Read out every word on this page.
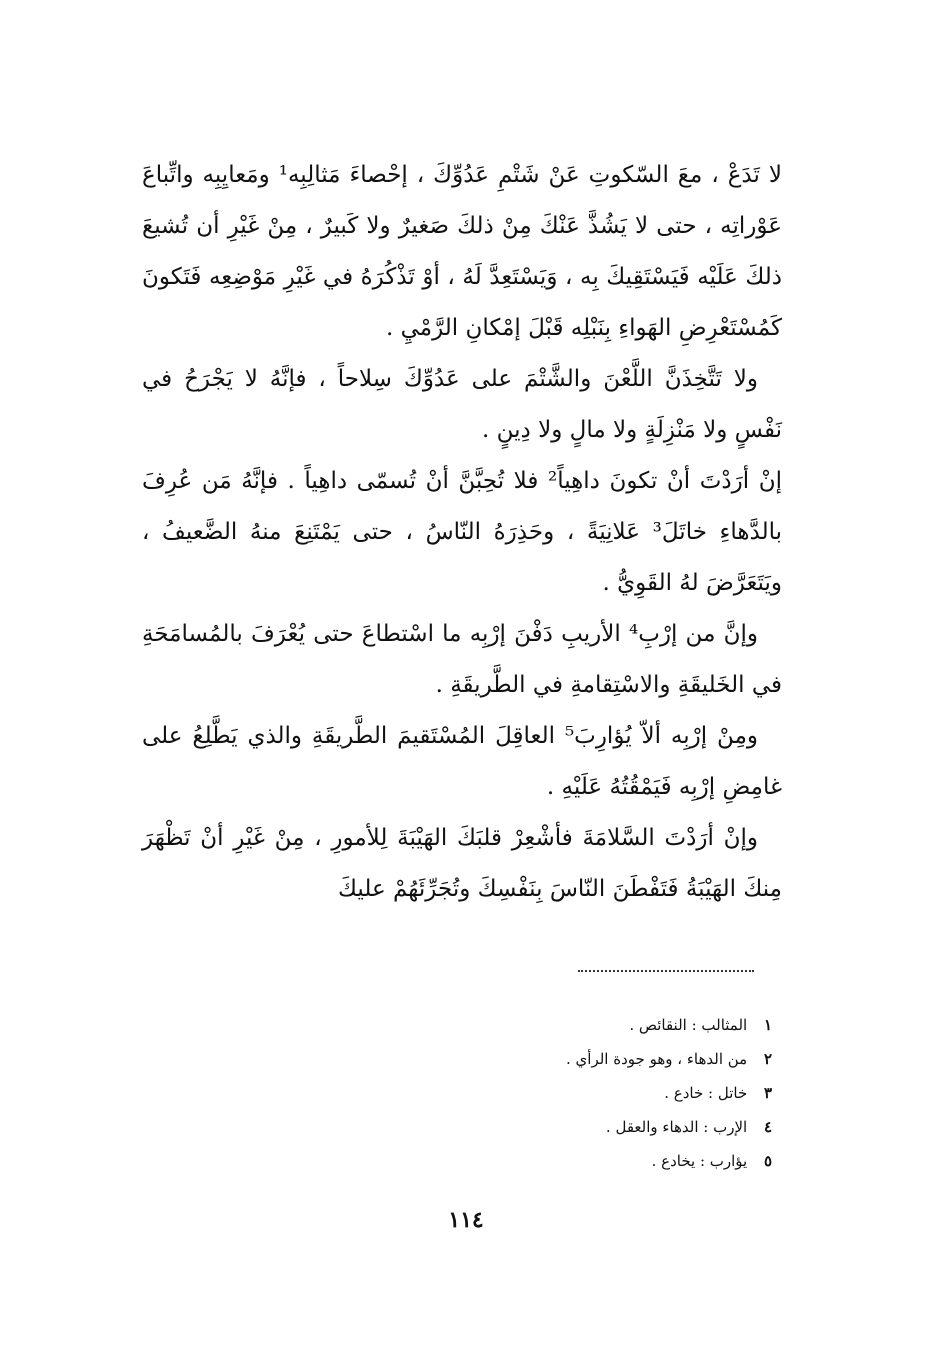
لا تَدَعْ ، معَ السّكوتِ عَنْ شَتْمِ عَدُوِّكَ ، إحْصاءَ مَثالِبِه¹ ومَعايِبِه واتِّباعَ عَوْراتِه ، حتى لا يَشُذَّ عَنْكَ مِنْ ذلكَ صَغيرٌ ولا كَبيرٌ ، مِنْ غَيْرِ أن تُشيعَ ذلكَ عَلَيْه فَيَسْتَقِيكَ بِه ، وَيَسْتَعِدَّ لَهُ ، أوْ تَذْكُرَهُ في غَيْرِ مَوْضِعِه فَتَكونَ كَمُسْتَعْرِضِ الهَواءِ بِنَبْلِه قَبْلَ إمْكانِ الرَّمْيِ .

ولا تَتَّخِذَنَّ اللَّعْنَ والشَّتْمَ على عَدُوِّكَ سِلاحاً ، فإنَّهُ لا يَجْرَحُ في نَفْسٍ ولا مَنْزِلَةٍ ولا مالٍ ولا دِينٍ .

إنْ أرَدْتَ أنْ تكونَ داهِياً² فلا تُحِبَّنَّ أنْ تُسمّى داهِياً . فإنَّهُ مَن عُرِفَ بالدَّهاءِ خاتَلَ³ عَلانِيَةً ، وحَذِرَهُ النّاسُ ، حتى يَمْتَنِعَ منهُ الضَّعيفُ ، ويَتَعَرَّضَ لهُ القَوِيُّ .

وإنَّ من إرْبِ⁴ الأريبِ دَفْنَ إرْبِه ما اسْتطاعَ حتى يُعْرَفَ بالمُسامَحَةِ في الخَليقَةِ والاسْتِقامةِ في الطَّريقَةِ .

ومِنْ إرْبِه ألاّ يُؤارِبَ⁵ العاقِلَ المُسْتَقيمَ الطَّريقَةِ والذي يَطَّلِعُ على غامِضِ إرْبِه فَيَمْقُتُهُ عَلَيْهِ .

وإنْ أرَدْتَ السَّلامَةَ فأشْعِرْ قلبَكَ الهَيْبَةَ لِلأمورِ ، مِنْ غَيْرِ أنْ تَظْهَرَ مِنكَ الهَيْبَةُ فَتَفْطَنَ النّاسَ بِنَفْسِكَ وتُجَرِّئَهُمْ عليكَ

١ المثالب : النقائص .
٢ من الدهاء ، وهو جودة الرأي .
٣ خاتل : خادع .
٤ الإرب : الدهاء والعقل .
٥ يؤارب : يخادع .
١١٤
